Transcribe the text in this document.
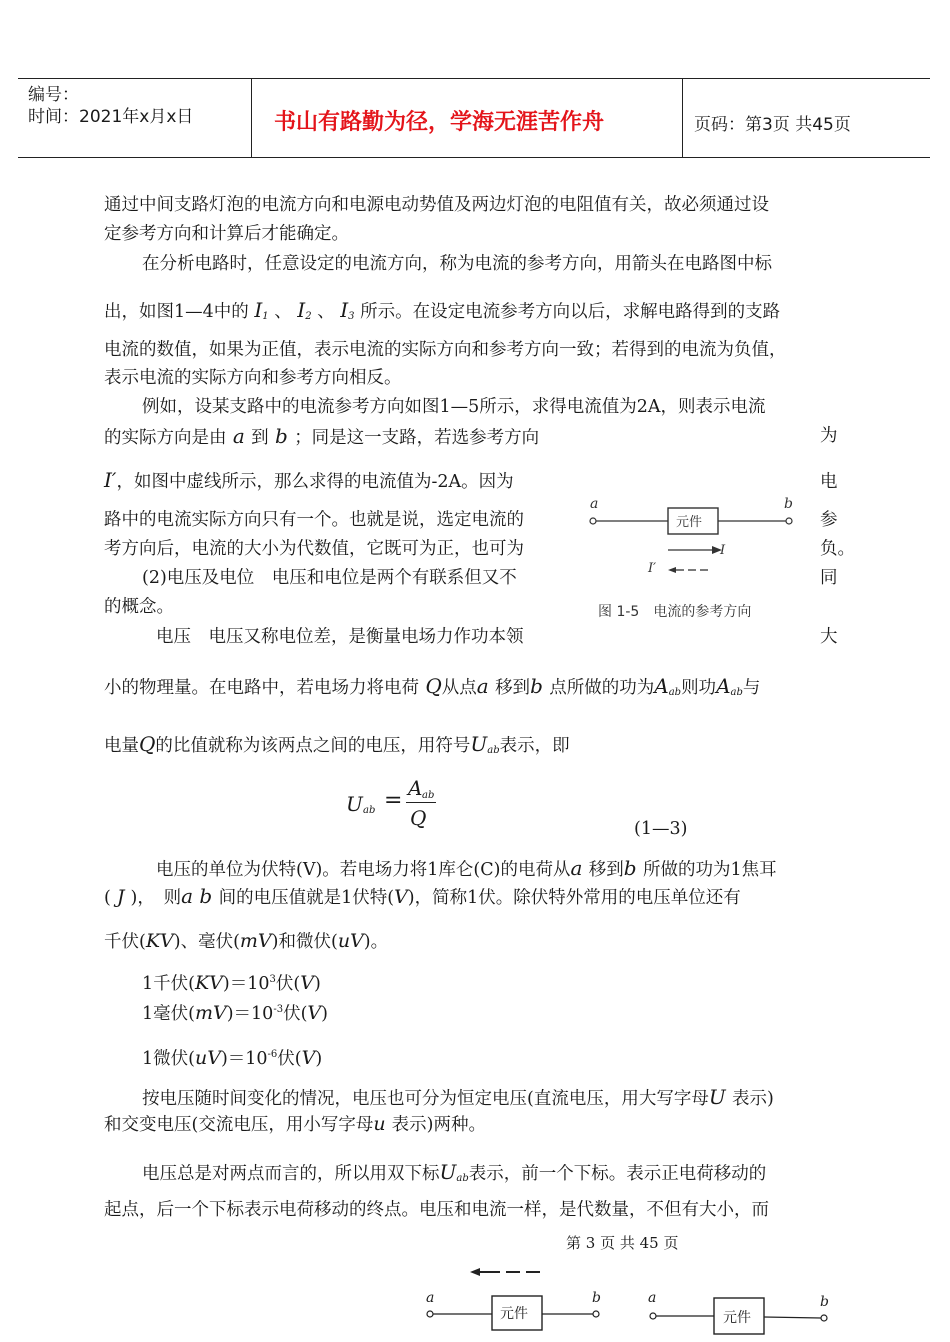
编号：
时间：2021年x月x日	书山有路勤为径，学海无涯苦作舟	页码：第3页 共45页
通过中间支路灯泡的电流方向和电源电动势值及两边灯泡的电阻值有关，故必须通过设
定参考方向和计算后才能确定。
在分析电路时，任意设定的电流方向，称为电流的参考方向，用箭头在电路图中标
出，如图1—4中的 $I_1$ 、 $I_2$ 、 $I_3$ 所示。在设定电流参考方向以后，求解电路得到的支路
电流的数值，如果为正值，表示电流的实际方向和参考方向一致；若得到的电流为负值，
表示电流的实际方向和参考方向相反。
例如，设某支路中的电流参考方向如图1—5所示，求得电流值为2A，则表示电流
的实际方向是由 a 到 b ；同是这一支路，若选参考方向	为
I′，如图中虚线所示，那么求得的电流值为-2A。因为	电
路中的电流实际方向只有一个。也就是说，选定电流的	参
考方向后，电流的大小为代数值，它既可为正，也可为	负。
(2)电压及电位　电压和电位是两个有联系但又不	同
的概念。
电压　电压又称电位差，是衡量电场力作功本领	大
a	b
元件
I
I′
图 1-5　电流的参考方向
小的物理量。在电路中，若电场力将电荷 Q从点a 移到b 点所做的功为$A_{ab}$则功$A_{ab}$与
电量Q的比值就称为该两点之间的电压，用符号$U_{ab}$表示，即
U ab = A ab
Q	(1—3)
电压的单位为伏特(V)。若电场力将1库仑(C)的电荷从a 移到b 所做的功为1焦耳
( J )，　则a b 间的电压值就是1伏特(V)，简称1伏。除伏特外常用的电压单位还有
千伏(KV)、毫伏(mV)和微伏(uV)。
1千伏$(KV)=10^3$伏(V)
1毫伏$(mV)=10^{-3}$伏(V)
1微伏$(uV)=10^{-6}$伏(V)
按电压随时间变化的情况，电压也可分为恒定电压(直流电压，用大写字母U 表示)
和交变电压(交流电压，用小写字母u 表示)两种。
电压总是对两点而言的，所以用双下标$U_{ab}$表示，前一个下标。表示正电荷移动的
起点，后一个下标表示电荷移动的终点。电压和电流一样，是代数量，不但有大小，而
第 3 页 共 45 页
a	b
元件
a	b
元件
